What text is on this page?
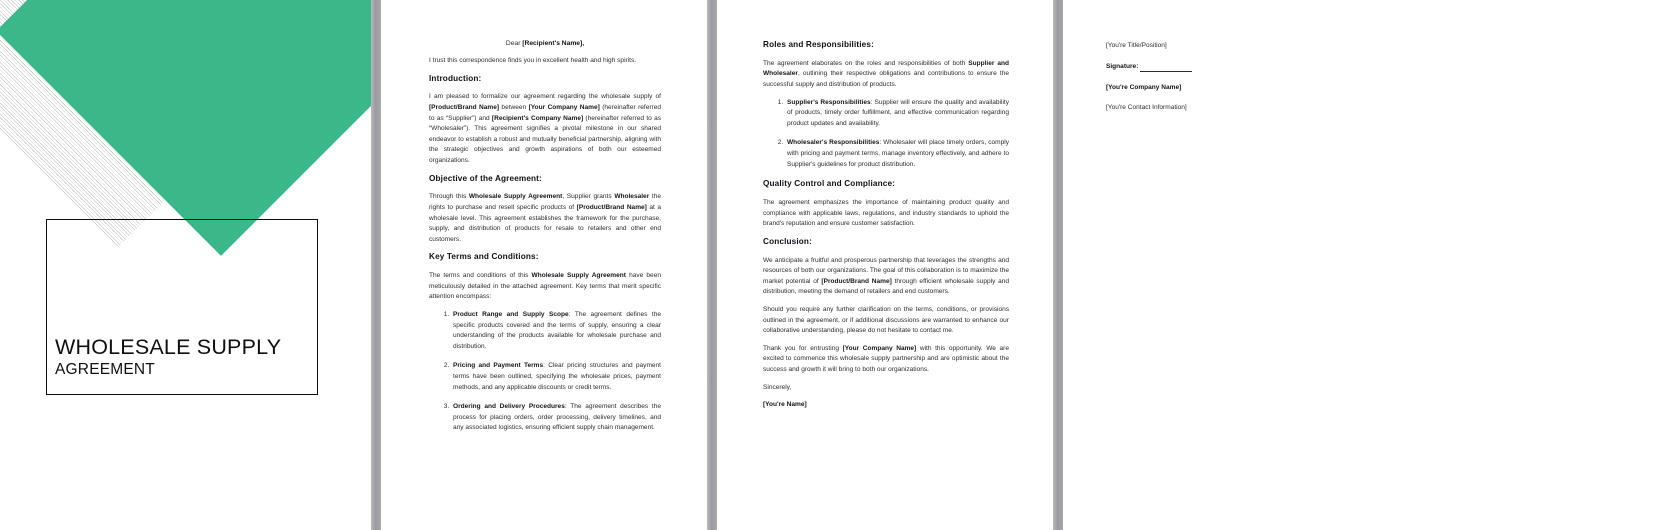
WHOLESALE SUPPLY
AGREEMENT

Dear [Recipient's Name],

I trust this correspondence finds you in excellent health and high spirits.

Introduction:

I am pleased to formalize our agreement regarding the wholesale supply of [Product/Brand Name] between [Your Company Name] (hereinafter referred to as “Supplier”) and [Recipient's Company Name] (hereinafter referred to as “Wholesaler”). This agreement signifies a pivotal milestone in our shared endeavor to establish a robust and mutually beneficial partnership, aligning with the strategic objectives and growth aspirations of both our esteemed organizations.

Objective of the Agreement:

Through this Wholesale Supply Agreement, Supplier grants Wholesaler the rights to purchase and resell specific products of [Product/Brand Name] at a wholesale level. This agreement establishes the framework for the purchase, supply, and distribution of products for resale to retailers and other end customers.

Key Terms and Conditions:

The terms and conditions of this Wholesale Supply Agreement have been meticulously detailed in the attached agreement. Key terms that merit specific attention encompass:

1. Product Range and Supply Scope: The agreement defines the specific products covered and the terms of supply, ensuring a clear understanding of the products available for wholesale purchase and distribution.
2. Pricing and Payment Terms: Clear pricing structures and payment terms have been outlined, specifying the wholesale prices, payment methods, and any applicable discounts or credit terms.
3. Ordering and Delivery Procedures: The agreement describes the process for placing orders, order processing, delivery timelines, and any associated logistics, ensuring efficient supply chain management.
Roles and Responsibilities:

The agreement elaborates on the roles and responsibilities of both Supplier and Wholesaler, outlining their respective obligations and contributions to ensure the successful supply and distribution of products.

1. Supplier's Responsibilities: Supplier will ensure the quality and availability of products, timely order fulfillment, and effective communication regarding product updates and availability.
2. Wholesaler's Responsibilities: Wholesaler will place timely orders, comply with pricing and payment terms, manage inventory effectively, and adhere to Supplier's guidelines for product distribution.
Quality Control and Compliance:

The agreement emphasizes the importance of maintaining product quality and compliance with applicable laws, regulations, and industry standards to uphold the brand's reputation and ensure customer satisfaction.

Conclusion:

We anticipate a fruitful and prosperous partnership that leverages the strengths and resources of both our organizations. The goal of this collaboration is to maximize the market potential of [Product/Brand Name] through efficient wholesale supply and distribution, meeting the demand of retailers and end customers.

Should you require any further clarification on the terms, conditions, or provisions outlined in the agreement, or if additional discussions are warranted to enhance our collaborative understanding, please do not hesitate to contact me.

Thank you for entrusting [Your Company Name] with this opportunity. We are excited to commence this wholesale supply partnership and are optimistic about the success and growth it will bring to both our organizations.

Sincerely,

[You're Name]

[You're Title/Position]

Signature:

[You're Company Name]

[You're Contact Information]
